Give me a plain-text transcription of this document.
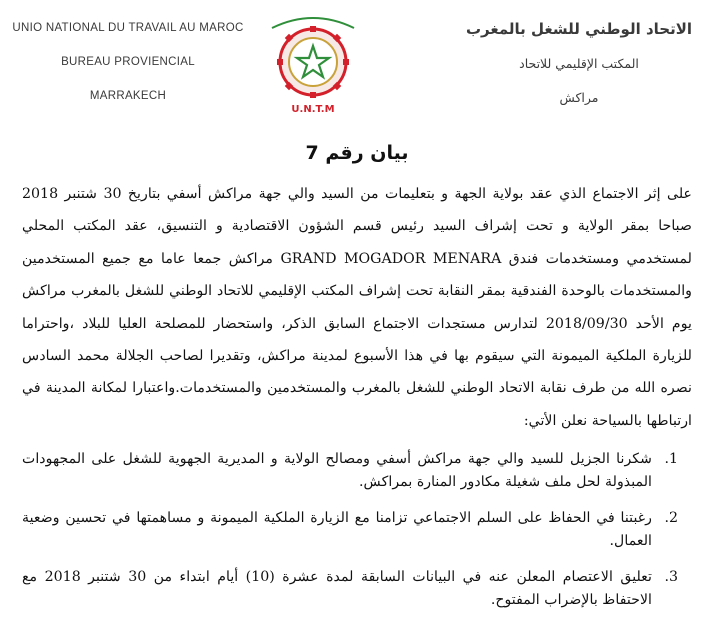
UNIO NATIONAL DU TRAVAIL AU MAROC
BUREAU PROVIENCIAL
MARRAKECH
U.N.T.M
الاتحاد الوطني للشغل بالمغرب
المكتب الإقليمي للاتحاد
مراكش
بيان رقم 7
على إثر الاجتماع الذي عقد بولاية الجهة و بتعليمات من السيد والي جهة مراكش أسفي بتاريخ 30 شتنبر 2018 صباحا بمقر الولاية و تحت إشراف السيد رئيس قسم الشؤون الاقتصادية و التنسيق، عقد المكتب المحلي لمستخدمي ومستخدمات فندق GRAND MOGADOR MENARA مراكش جمعا عاما مع جميع المستخدمين والمستخدمات بالوحدة الفندقية بمقر النقابة تحت إشراف المكتب الإقليمي للاتحاد الوطني للشغل بالمغرب مراكش يوم الأحد 2018/09/30 لتدارس مستجدات الاجتماع السابق الذكر، واستحضار للمصلحة العليا للبلاد ،واحتراما للزيارة الملكية الميمونة التي سيقوم بها في هذا الأسبوع لمدينة مراكش، وتقديرا لصاحب الجلالة محمد السادس نصره الله من طرف نقابة الاتحاد الوطني للشغل بالمغرب والمستخدمين والمستخدمات.واعتبارا لمكانة المدينة في ارتباطها بالسياحة نعلن الأتي:
1.
شكرنا الجزيل للسيد والي جهة مراكش أسفي ومصالح الولاية و المديرية الجهوية للشغل على المجهودات المبذولة لحل ملف شغيلة مكادور المنارة بمراكش.
2.
رغبتنا في الحفاظ على السلم الاجتماعي تزامنا مع الزيارة الملكية الميمونة و مساهمتها في تحسين وضعية العمال.
3.
تعليق الاعتصام المعلن عنه في البيانات السابقة لمدة عشرة (10) أيام ابتداء من 30 شتنبر 2018 مع الاحتفاظ بالإضراب المفتوح.
